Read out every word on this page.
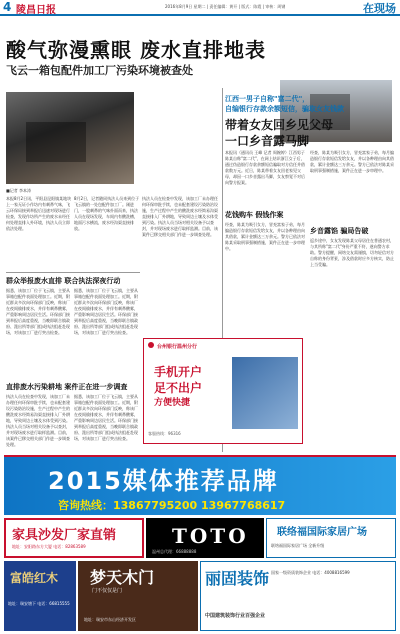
4 陵昌日报	2016年8月9日 星期二 | 责任编辑：黄开 | 版式：陈霞 | 审核：周钢	在现场
酸气弥漫熏眼 废水直排地表
飞云一箱包配件加工厂污染环境被查处
■记者 李本涛
本报8月2日讯，平阳县昆阳镇某地块上一家无证小作坊内有刺鼻气味，飞云环保局接到举报后迅速对现场进行检查，发现作坊所产生的废水未经任何处理直排入外环境，执法人员立即依法处理。
8月2日，记者随同执法人员来到位于飞云镇的一处包配件加工厂。刚进门，一股刺鼻的气味扑面而来，执法人员在现场发现，车间内有酸洗槽，地面污水横流，废水经沟渠直接排放。
群众举报废水直排 联合执法深夜行动
据悉，该加工厂位于飞云镇，主要从事箱包配件表面处理加工。近期，附近群众多次向环保部门反映，称该厂在夜间偷排废水，并伴有刺鼻酸雾，严重影响周边居民生活。环保部门接到举报后高度重视，当晚即联合镇政府、派出所等部门组成执法组赶赴现场，对该加工厂进行突击检查。
据悉，该加工厂位于飞云镇，主要从事箱包配件表面处理加工。近期，附近群众多次向环保部门反映，称该厂在夜间偷排废水，并伴有刺鼻酸雾，严重影响周边居民生活。环保部门接到举报后高度重视，当晚即联合镇政府、派出所等部门组成执法组赶赴现场，对该加工厂进行突击检查。
执法人员在检查中发现，该加工厂未办理任何环保审批手续，也未配套建设污染防治设施，生产过程中产生的酸洗废水经简易沟渠直接排入厂外耕地，导致周边土壤及水体受到污染。执法人员当场对相关设备予以查封，并对现场废水进行取样监测。目前，该案件已移交相关部门作进一步调查处理。
直排废水污染耕地 案件正在进一步调查
执法人员在检查中发现，该加工厂未办理任何环保审批手续，也未配套建设污染防治设施，生产过程中产生的酸洗废水经简易沟渠直接排入厂外耕地，导致周边土壤及水体受到污染。执法人员当场对相关设备予以查封，并对现场废水进行取样监测。目前，该案件已移交相关部门作进一步调查处理。
据悉，该加工厂位于飞云镇，主要从事箱包配件表面处理加工。近期，附近群众多次向环保部门反映，称该厂在夜间偷排废水，并伴有刺鼻酸雾，严重影响周边居民生活。环保部门接到举报后高度重视，当晚即联合镇政府、派出所等部门组成执法组赶赴现场，对该加工厂进行突击检查。
江西一男子自称"富二代"，
自编银行存款余额短信，骗取女友钱款
带着女友回乡见父母
一口乡音露马脚
本报讯（通讯员 王峰 记者 周婉婷）江西男子陈某自称"富二代"，在网上结识浙江女子后，通过伪造银行存款余额短信骗取对方信任并借款数万元。近日，陈某带着女友回老家见父母，却因一口乡音露出马脚，女友察觉不对后向警方报案。
花钱购车 假钱作案
经查，陈某为吸引女方，冒充富家子弟，每月编造银行存款短信发给女友，并以各种理由向其借款，累计金额达三万余元。警方已依法对陈某采取刑事强制措施，案件正在进一步审理中。
经查，陈某为吸引女方，冒充富家子弟，每月编造银行存款短信发给女友，并以各种理由向其借款，累计金额达三万余元。警方已依法对陈某采取刑事强制措施，案件正在进一步审理中。
乡音露馅 骗局告破
返乡途中，女友发现陈某父母居住在普通农村，与其所称"富二代"身份严重不符，遂向警方求助。警方提醒，网络交友需谨慎，切勿轻信对方自称的身份背景，涉及借款时应多方核实，防止上当受骗。
台州银行温州分行
手机开户
足不出户
方便快捷
客服热线：96316
2015媒体推荐品牌
咨询热线：13867795200 13967768617
家具沙发厂家直销
地址：安阳路东方大厦 电话：82863589	TOTO
温州总代理：66888888
联络福国际家居广场
联络福国际家居广场 全新升级
富皓红木
地址：瑞安塘下 电话：66815555
梦天木门
门不仅仅是门
地址：瑞安市东山经济开发区
丽固装饰 国家一级资质装饰企业 电话：4008816599
中国建筑装饰行业百强企业
